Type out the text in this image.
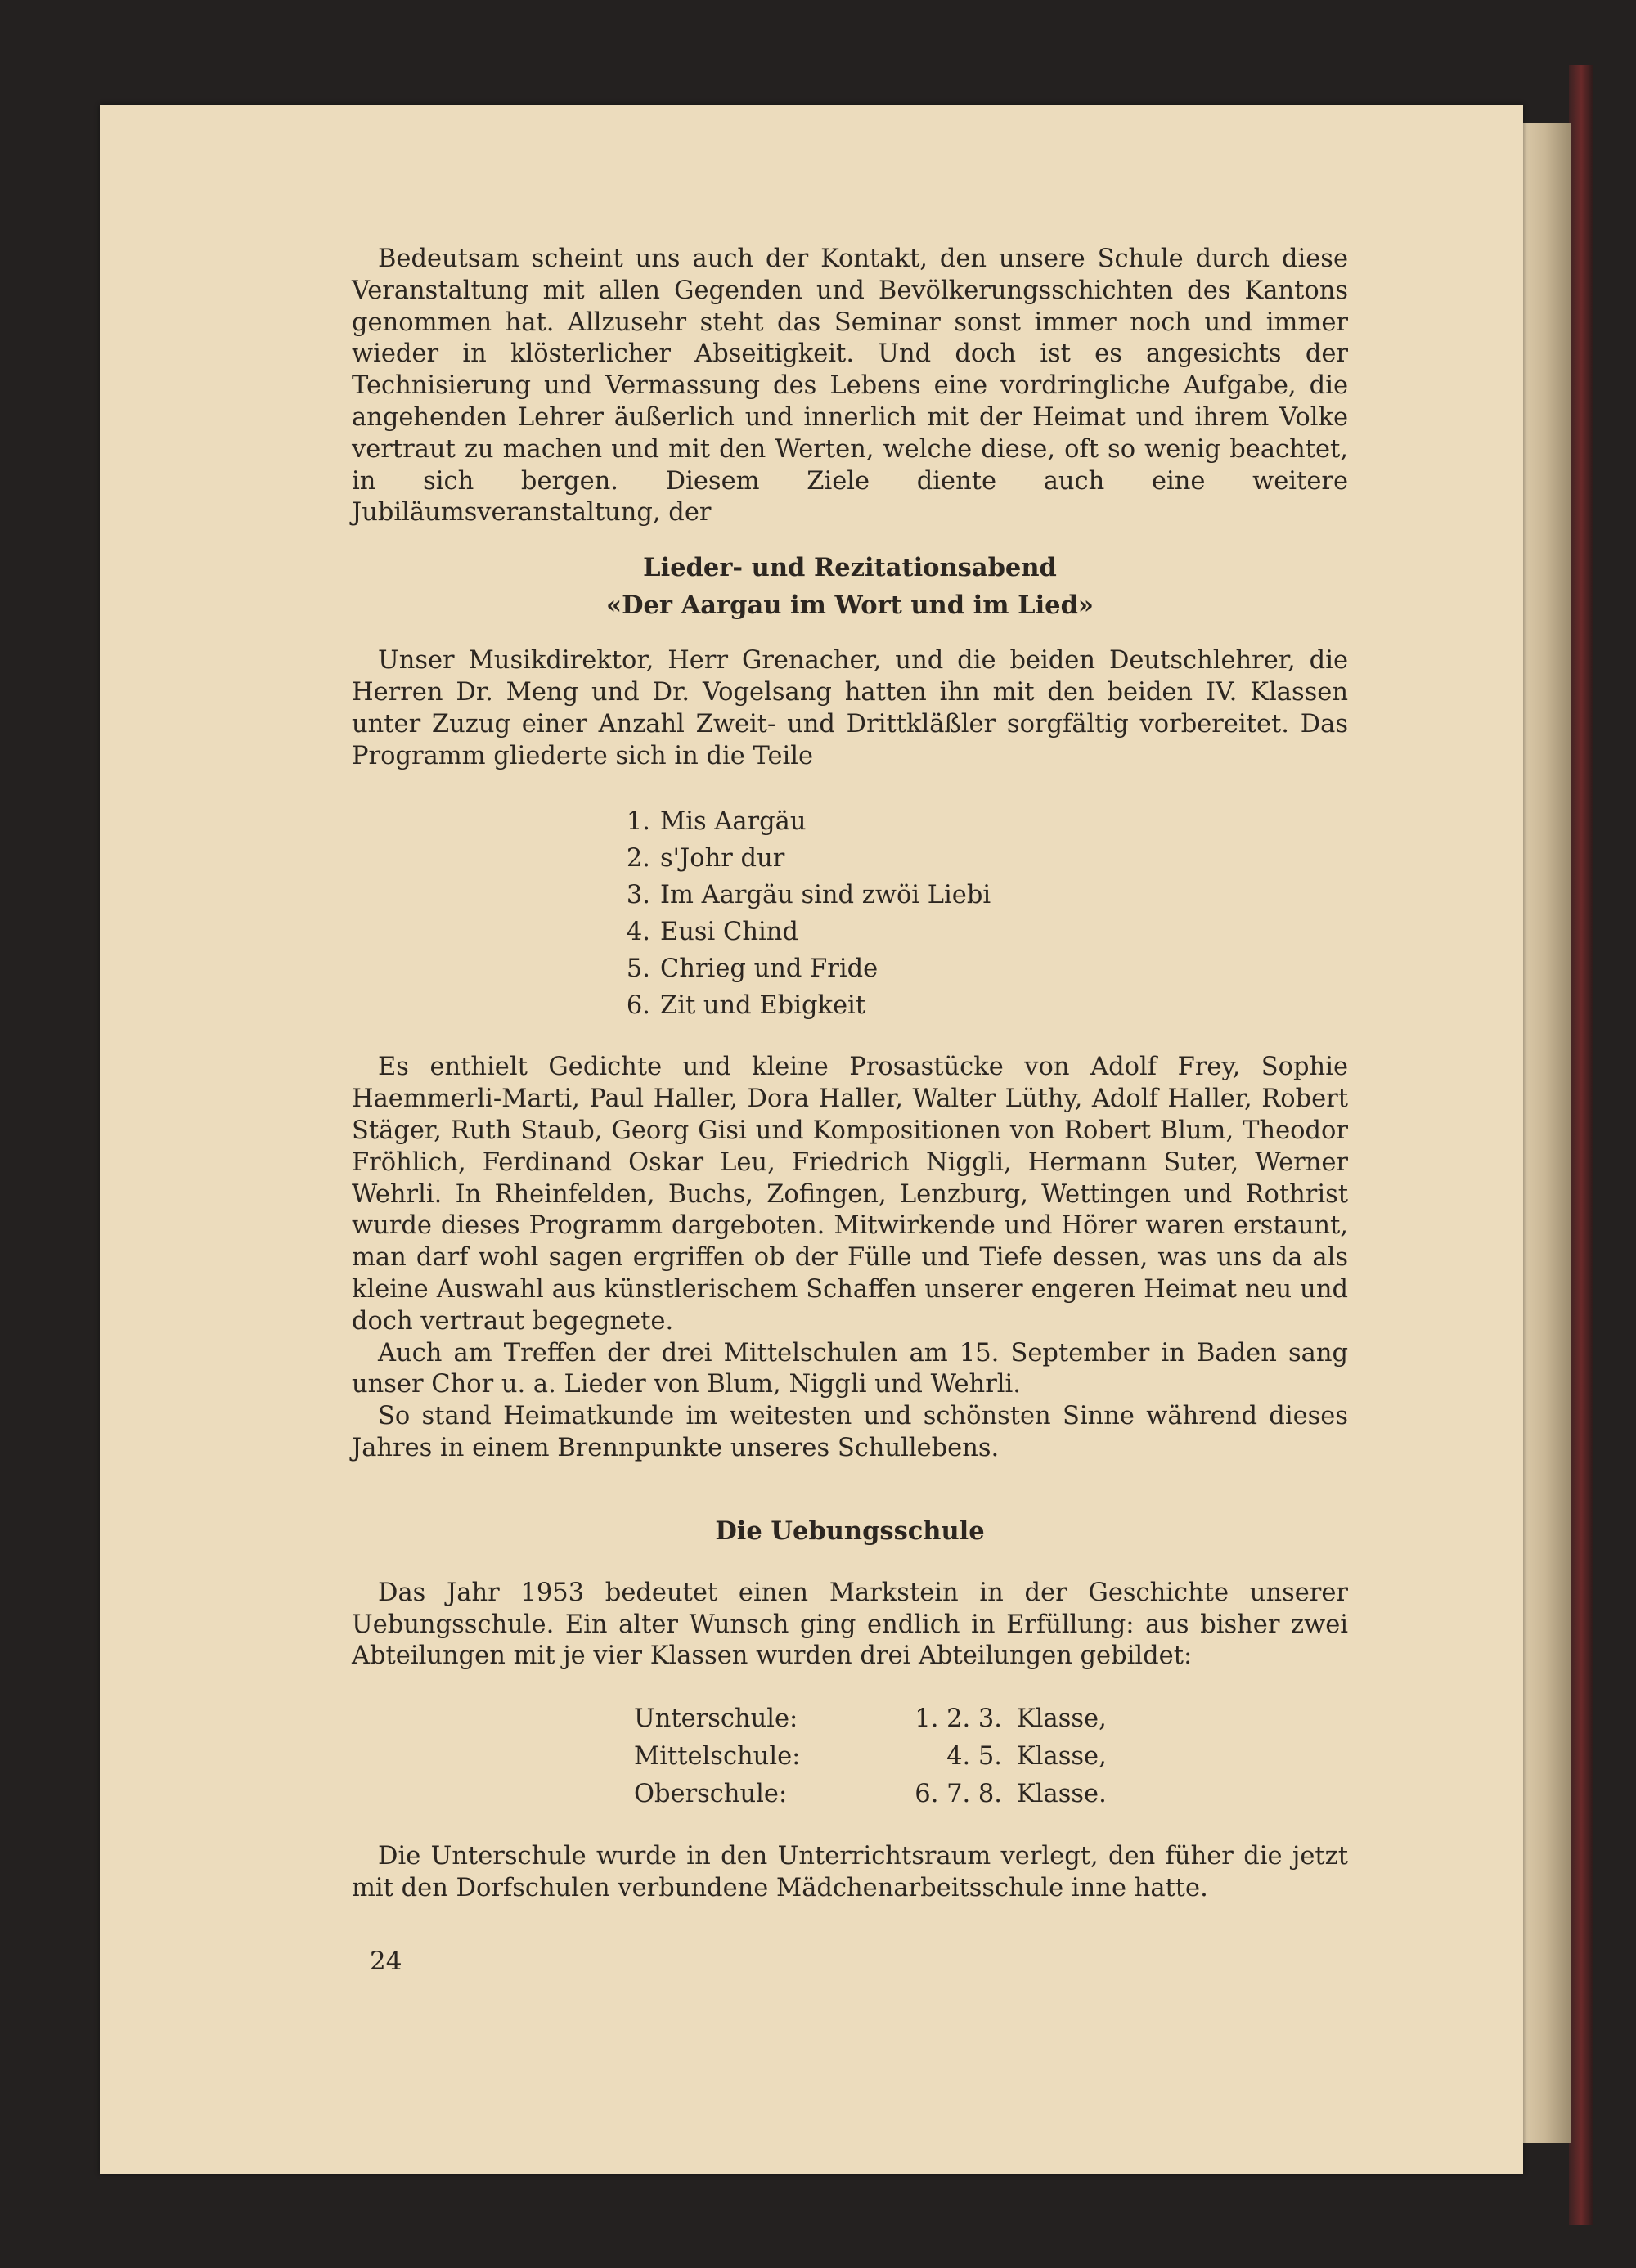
Bedeutsam scheint uns auch der Kontakt, den unsere Schule durch diese Veranstaltung mit allen Gegenden und Bevölkerungsschichten des Kantons genommen hat. Allzusehr steht das Seminar sonst immer noch und immer wieder in klösterlicher Abseitigkeit. Und doch ist es angesichts der Technisierung und Vermassung des Lebens eine vordringliche Aufgabe, die angehenden Lehrer äußerlich und innerlich mit der Heimat und ihrem Volke vertraut zu machen und mit den Werten, welche diese, oft so wenig beachtet, in sich bergen. Diesem Ziele diente auch eine weitere Jubiläumsveranstaltung, der

Lieder- und Rezitationsabend
«Der Aargau im Wort und im Lied»

Unser Musikdirektor, Herr Grenacher, und die beiden Deutschlehrer, die Herren Dr. Meng und Dr. Vogelsang hatten ihn mit den beiden IV. Klassen unter Zuzug einer Anzahl Zweit- und Drittkläßler sorgfältig vorbereitet. Das Programm gliederte sich in die Teile

1. Mis Aargäu
2. s'Johr dur
3. Im Aargäu sind zwöi Liebi
4. Eusi Chind
5. Chrieg und Fride
6. Zit und Ebigkeit

Es enthielt Gedichte und kleine Prosastücke von Adolf Frey, Sophie Haemmerli-Marti, Paul Haller, Dora Haller, Walter Lüthy, Adolf Haller, Robert Stäger, Ruth Staub, Georg Gisi und Kompositionen von Robert Blum, Theodor Fröhlich, Ferdinand Oskar Leu, Friedrich Niggli, Hermann Suter, Werner Wehrli. In Rheinfelden, Buchs, Zofingen, Lenzburg, Wettingen und Rothrist wurde dieses Programm dargeboten. Mitwirkende und Hörer waren erstaunt, man darf wohl sagen ergriffen ob der Fülle und Tiefe dessen, was uns da als kleine Auswahl aus künstlerischem Schaffen unserer engeren Heimat neu und doch vertraut begegnete.

Auch am Treffen der drei Mittelschulen am 15. September in Baden sang unser Chor u. a. Lieder von Blum, Niggli und Wehrli.

So stand Heimatkunde im weitesten und schönsten Sinne während dieses Jahres in einem Brennpunkte unseres Schullebens.

Die Uebungsschule

Das Jahr 1953 bedeutet einen Markstein in der Geschichte unserer Uebungsschule. Ein alter Wunsch ging endlich in Erfüllung: aus bisher zwei Abteilungen mit je vier Klassen wurden drei Abteilungen gebildet:

Unterschule:	1. 2. 3.	Klasse,
Mittelschule:	4. 5.	Klasse,
Oberschule:	6. 7. 8.	Klasse.

Die Unterschule wurde in den Unterrichtsraum verlegt, den füher die jetzt mit den Dorfschulen verbundene Mädchenarbeitsschule inne hatte.

24
